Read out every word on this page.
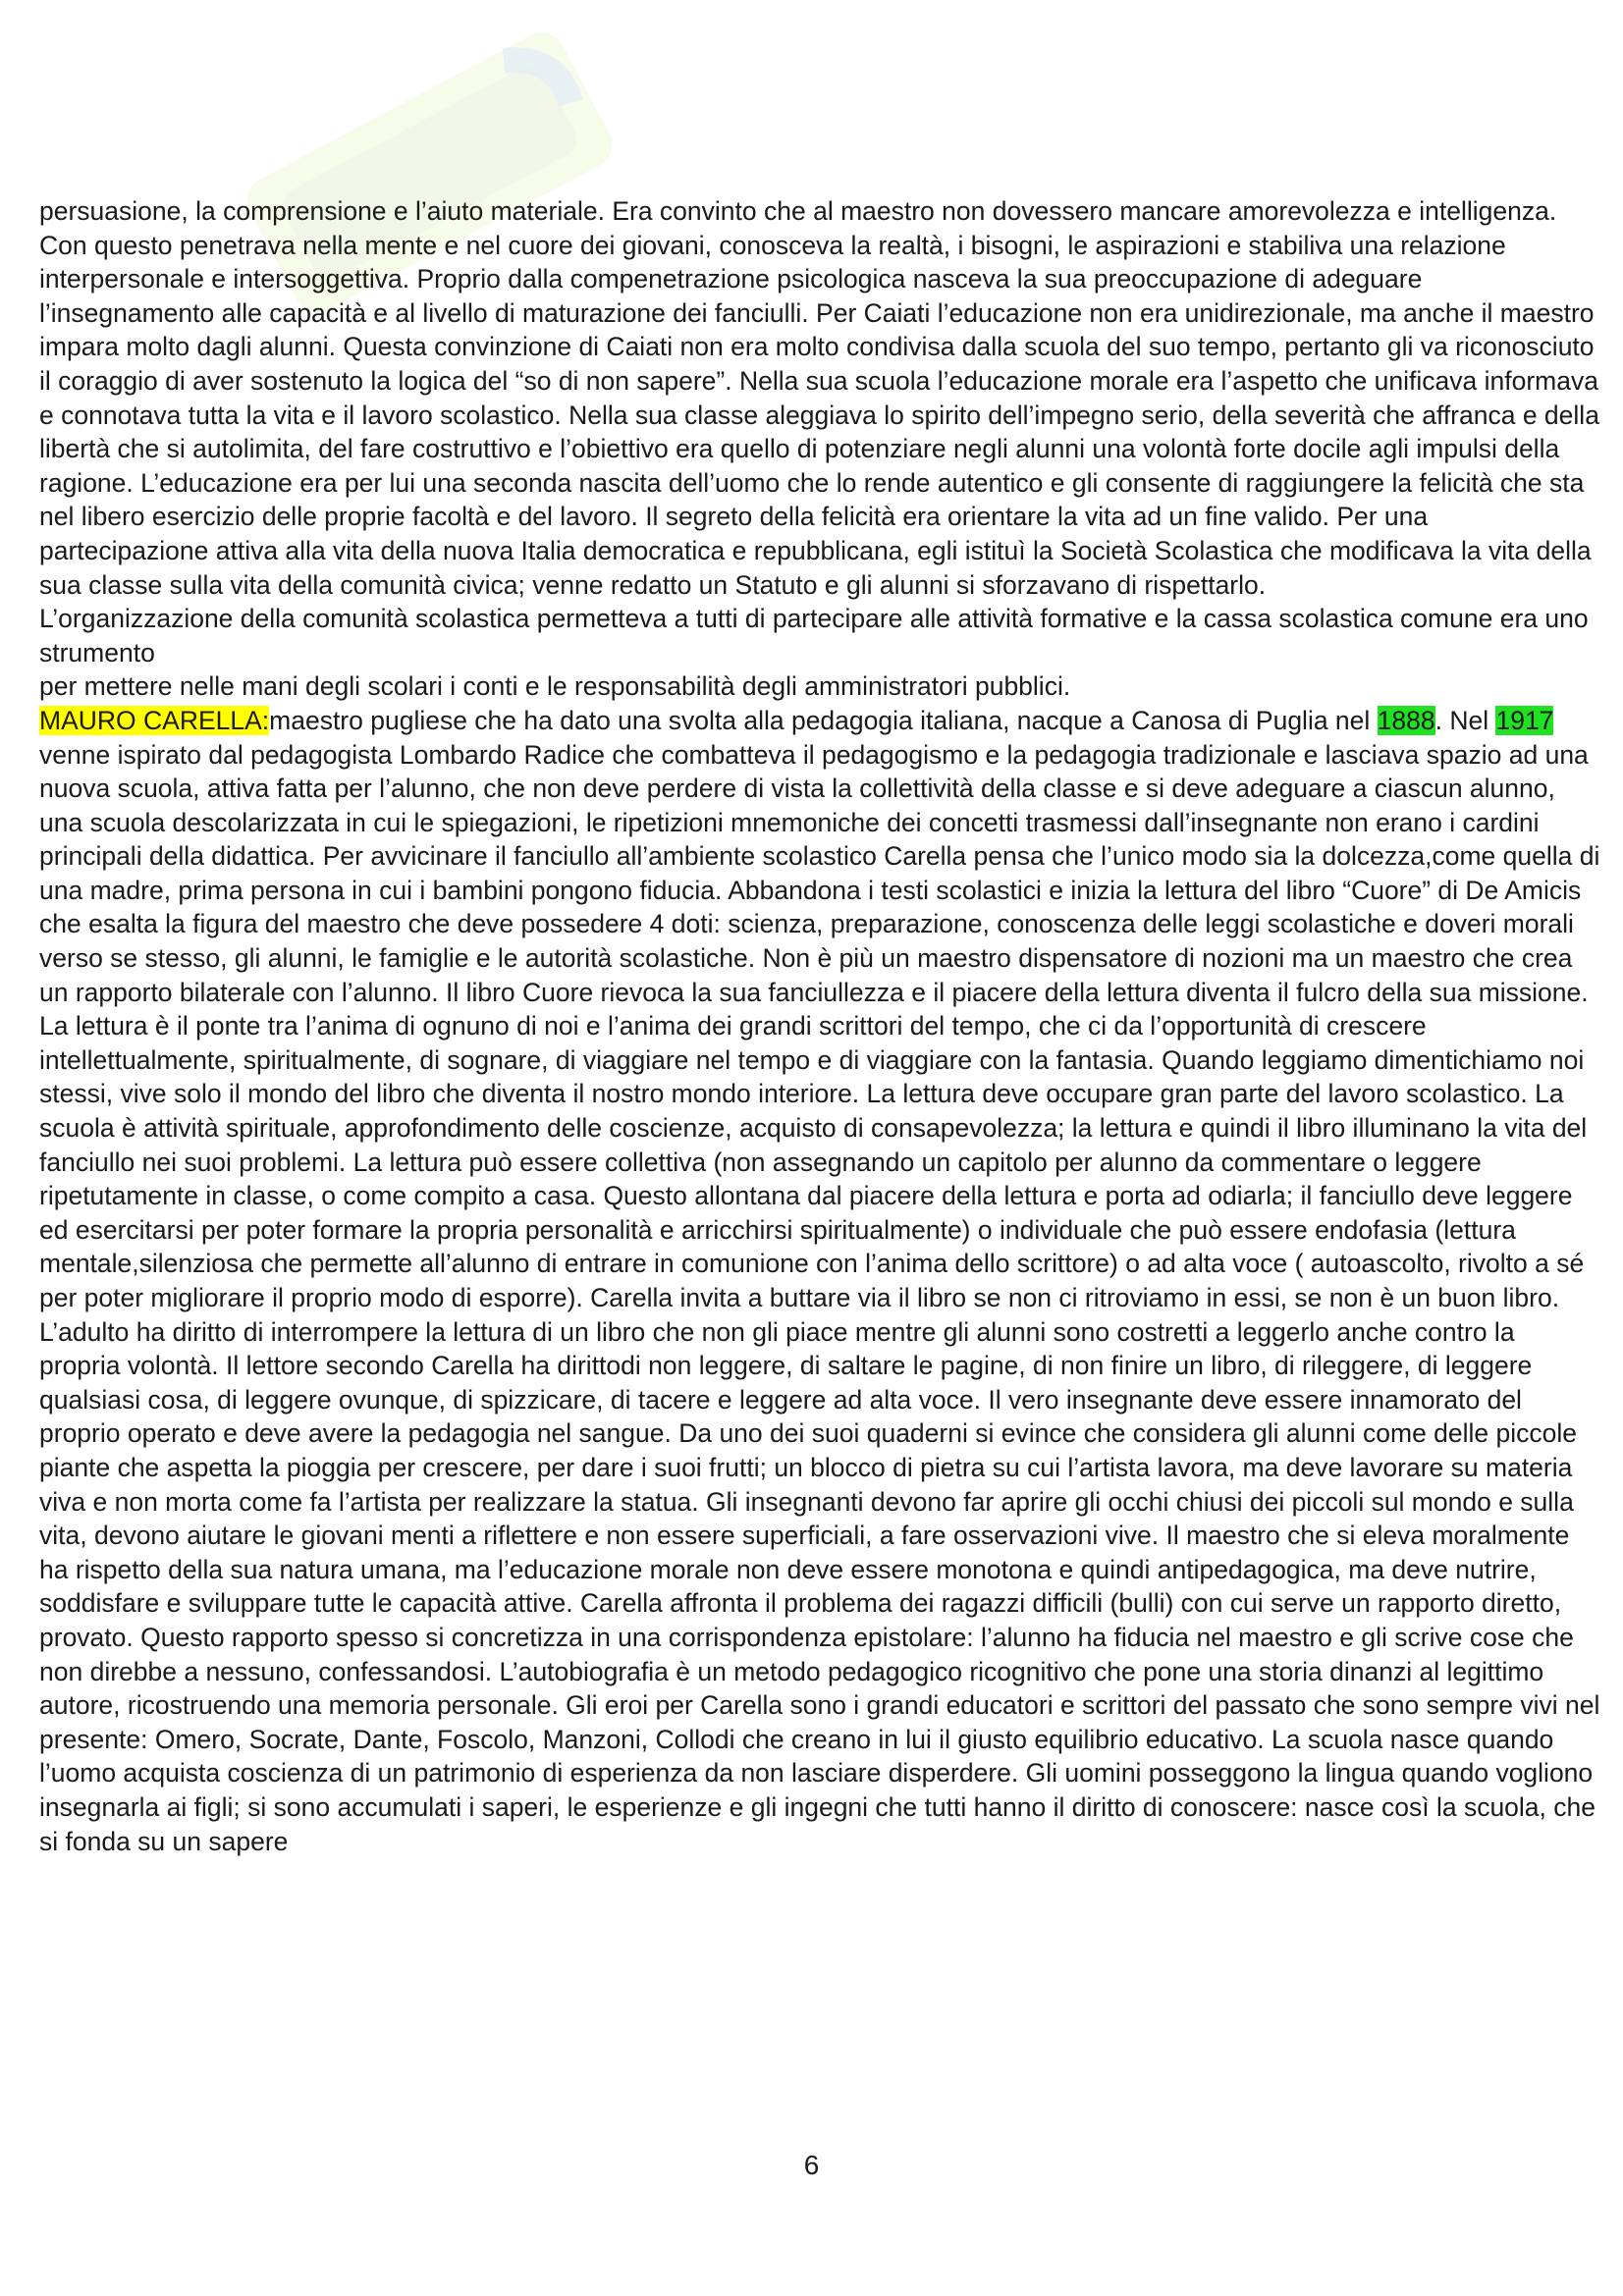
persuasione, la comprensione e l’aiuto materiale. Era convinto che al maestro non dovessero mancare amorevolezza e intelligenza. Con questo penetrava nella mente e nel cuore dei giovani, conosceva la realtà, i bisogni, le aspirazioni e stabiliva una relazione interpersonale e intersoggettiva. Proprio dalla compenetrazione psicologica nasceva la sua preoccupazione di adeguare l’insegnamento alle capacità e al livello di maturazione dei fanciulli. Per Caiati l’educazione non era unidirezionale, ma anche il maestro impara molto dagli alunni. Questa convinzione di Caiati non era molto condivisa dalla scuola del suo tempo, pertanto gli va riconosciuto il coraggio di aver sostenuto la logica del “so di non sapere”. Nella sua scuola l’educazione morale era l’aspetto che unificava informava e connotava tutta la vita e il lavoro scolastico. Nella sua classe aleggiava lo spirito dell’impegno serio, della severità che affranca e della libertà che si autolimita, del fare costruttivo e l’obiettivo era quello di potenziare negli alunni una volontà forte docile agli impulsi della ragione. L’educazione era per lui una seconda nascita dell’uomo che lo rende autentico e gli consente di raggiungere la felicità che sta nel libero esercizio delle proprie facoltà e del lavoro. Il segreto della felicità era orientare la vita ad un fine valido. Per una partecipazione attiva alla vita della nuova Italia democratica e repubblicana, egli istituì la Società Scolastica che modificava la vita della sua classe sulla vita della comunità civica; venne redatto un Statuto e gli alunni si sforzavano di rispettarlo.

L’organizzazione della comunità scolastica permetteva a tutti di partecipare alle attività formative e la cassa scolastica comune era uno strumento

per mettere nelle mani degli scolari i conti e le responsabilità degli amministratori pubblici.

MAURO CARELLA:maestro pugliese che ha dato una svolta alla pedagogia italiana, nacque a Canosa di Puglia nel 1888. Nel 1917 venne ispirato dal pedagogista Lombardo Radice che combatteva il pedagogismo e la pedagogia tradizionale e lasciava spazio ad una nuova scuola, attiva fatta per l’alunno, che non deve perdere di vista la collettività della classe e si deve adeguare a ciascun alunno, una scuola descolarizzata in cui le spiegazioni, le ripetizioni mnemoniche dei concetti trasmessi dall’insegnante non erano i cardini principali della didattica. Per avvicinare il fanciullo all’ambiente scolastico Carella pensa che l’unico modo sia la dolcezza,come quella di una madre, prima persona in cui i bambini pongono fiducia. Abbandona i testi scolastici e inizia la lettura del libro “Cuore” di De Amicis che esalta la figura del maestro che deve possedere 4 doti: scienza, preparazione, conoscenza delle leggi scolastiche e doveri morali verso se stesso, gli alunni, le famiglie e le autorità scolastiche. Non è più un maestro dispensatore di nozioni ma un maestro che crea un rapporto bilaterale con l’alunno. Il libro Cuore rievoca la sua fanciullezza e il piacere della lettura diventa il fulcro della sua missione. La lettura è il ponte tra l’anima di ognuno di noi e l’anima dei grandi scrittori del tempo, che ci da l’opportunità di crescere intellettualmente, spiritualmente, di sognare, di viaggiare nel tempo e di viaggiare con la fantasia. Quando leggiamo dimentichiamo noi stessi, vive solo il mondo del libro che diventa il nostro mondo interiore. La lettura deve occupare gran parte del lavoro scolastico. La scuola è attività spirituale, approfondimento delle coscienze, acquisto di consapevolezza; la lettura e quindi il libro illuminano la vita del fanciullo nei suoi problemi. La lettura può essere collettiva (non assegnando un capitolo per alunno da commentare o leggere ripetutamente in classe, o come compito a casa. Questo allontana dal piacere della lettura e porta ad odiarla; il fanciullo deve leggere ed esercitarsi per poter formare la propria personalità e arricchirsi spiritualmente) o individuale che può essere endofasia (lettura mentale,silenziosa che permette all’alunno di entrare in comunione con l’anima dello scrittore) o ad alta voce ( autoascolto, rivolto a sé per poter migliorare il proprio modo di esporre). Carella invita a buttare via il libro se non ci ritroviamo in essi, se non è un buon libro. L’adulto ha diritto di interrompere la lettura di un libro che non gli piace mentre gli alunni sono costretti a leggerlo anche contro la propria volontà. Il lettore secondo Carella ha dirittodi non leggere, di saltare le pagine, di non finire un libro, di rileggere, di leggere qualsiasi cosa, di leggere ovunque, di spizzicare, di tacere e leggere ad alta voce. Il vero insegnante deve essere innamorato del proprio operato e deve avere la pedagogia nel sangue. Da uno dei suoi quaderni si evince che considera gli alunni come delle piccole piante che aspetta la pioggia per crescere, per dare i suoi frutti; un blocco di pietra su cui l’artista lavora, ma deve lavorare su materia viva e non morta come fa l’artista per realizzare la statua. Gli insegnanti devono far aprire gli occhi chiusi dei piccoli sul mondo e sulla vita, devono aiutare le giovani menti a riflettere e non essere superficiali, a fare osservazioni vive. Il maestro che si eleva moralmente ha rispetto della sua natura umana, ma l’educazione morale non deve essere monotona e quindi antipedagogica, ma deve nutrire, soddisfare e sviluppare tutte le capacità attive. Carella affronta il problema dei ragazzi difficili (bulli) con cui serve un rapporto diretto, provato. Questo rapporto spesso si concretizza in una corrispondenza epistolare: l’alunno ha fiducia nel maestro e gli scrive cose che non direbbe a nessuno, confessandosi. L’autobiografia è un metodo pedagogico ricognitivo che pone una storia dinanzi al legittimo autore, ricostruendo una memoria personale. Gli eroi per Carella sono i grandi educatori e scrittori del passato che sono sempre vivi nel presente: Omero, Socrate, Dante, Foscolo, Manzoni, Collodi che creano in lui il giusto equilibrio educativo. La scuola nasce quando l’uomo acquista coscienza di un patrimonio di esperienza da non lasciare disperdere. Gli uomini posseggono la lingua quando vogliono insegnarla ai figli; si sono accumulati i saperi, le esperienze e gli ingegni che tutti hanno il diritto di conoscere: nasce così la scuola, che si fonda su un sapere

6
